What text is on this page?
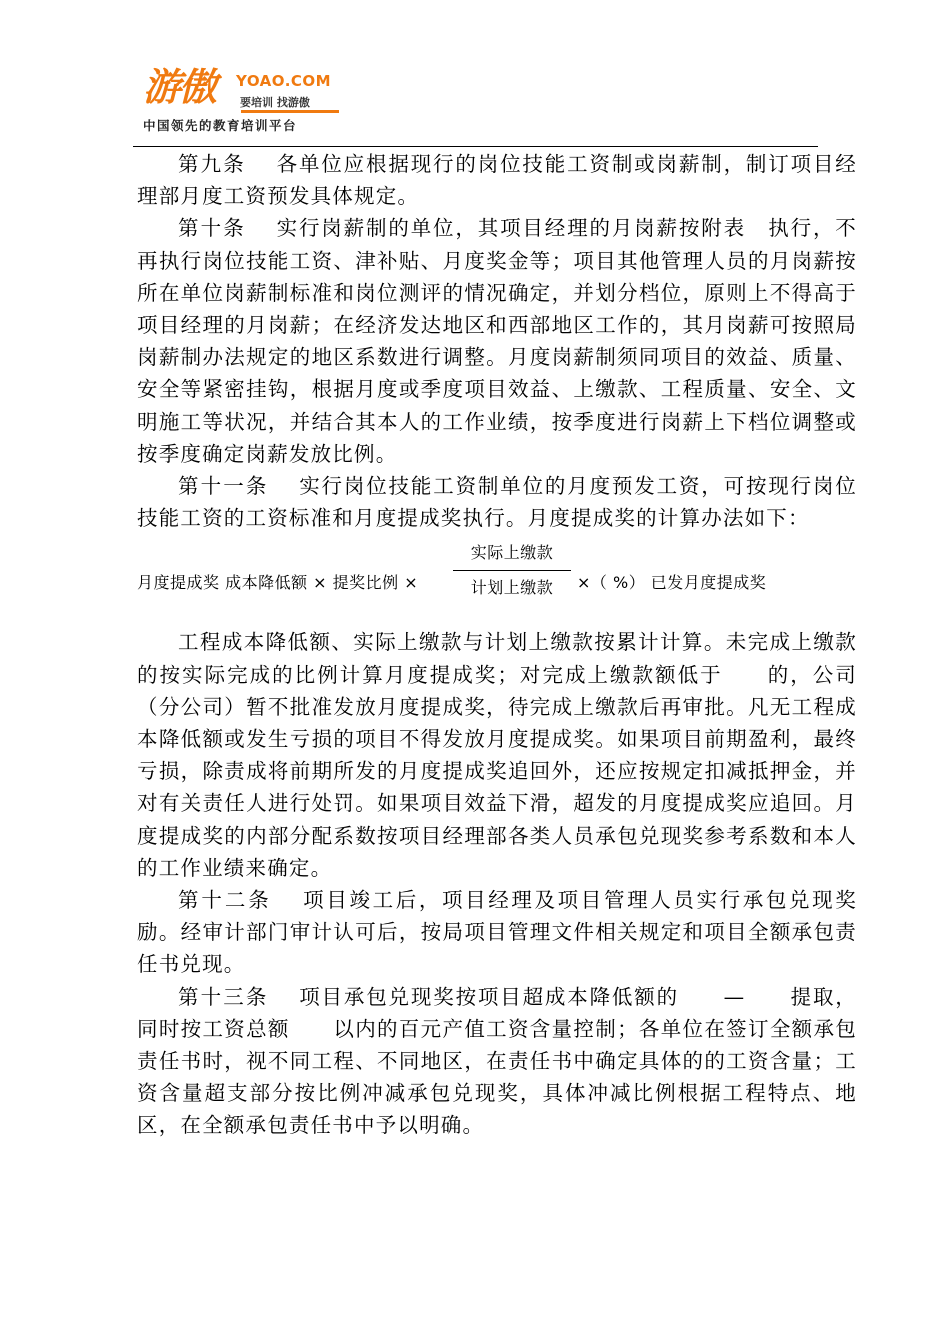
游傲 YOAO.COM
要培训 找游傲
中国领先的教育培训平台

第九条 各单位应根据现行的岗位技能工资制或岗薪制，制订项目经理部月度工资预发具体规定。

第十条 实行岗薪制的单位，其项目经理的月岗薪按附表　执行，不再执行岗位技能工资、津补贴、月度奖金等；项目其他管理人员的月岗薪按所在单位岗薪制标准和岗位测评的情况确定，并划分档位，原则上不得高于项目经理的月岗薪；在经济发达地区和西部地区工作的，其月岗薪可按照局岗薪制办法规定的地区系数进行调整。月度岗薪制须同项目的效益、质量、安全等紧密挂钩，根据月度或季度项目效益、上缴款、工程质量、安全、文明施工等状况，并结合其本人的工作业绩，按季度进行岗薪上下档位调整或按季度确定岗薪发放比例。

第十一条 实行岗位技能工资制单位的月度预发工资，可按现行岗位技能工资的工资标准和月度提成奖执行。月度提成奖的计算办法如下：

月度提成奖 成本降低额 × 提奖比例 ×
实际上缴款
计划上缴款	×（ %） 已发月度提成奖

工程成本降低额、实际上缴款与计划上缴款按累计计算。未完成上缴款的按实际完成的比例计算月度提成奖；对完成上缴款额低于　　的，公司（分公司）暂不批准发放月度提成奖，待完成上缴款后再审批。凡无工程成本降低额或发生亏损的项目不得发放月度提成奖。如果项目前期盈利，最终亏损，除责成将前期所发的月度提成奖追回外，还应按规定扣减抵押金，并对有关责任人进行处罚。如果项目效益下滑，超发的月度提成奖应追回。月度提成奖的内部分配系数按项目经理部各类人员承包兑现奖参考系数和本人的工作业绩来确定。

第十二条 项目竣工后，项目经理及项目管理人员实行承包兑现奖励。经审计部门审计认可后，按局项目管理文件相关规定和项目全额承包责任书兑现。

第十三条 项目承包兑现奖按项目超成本降低额的　　—　　提取，同时按工资总额　　以内的百元产值工资含量控制；各单位在签订全额承包责任书时，视不同工程、不同地区，在责任书中确定具体的的工资含量；工资含量超支部分按比例冲减承包兑现奖，具体冲减比例根据工程特点、地区，在全额承包责任书中予以明确。
